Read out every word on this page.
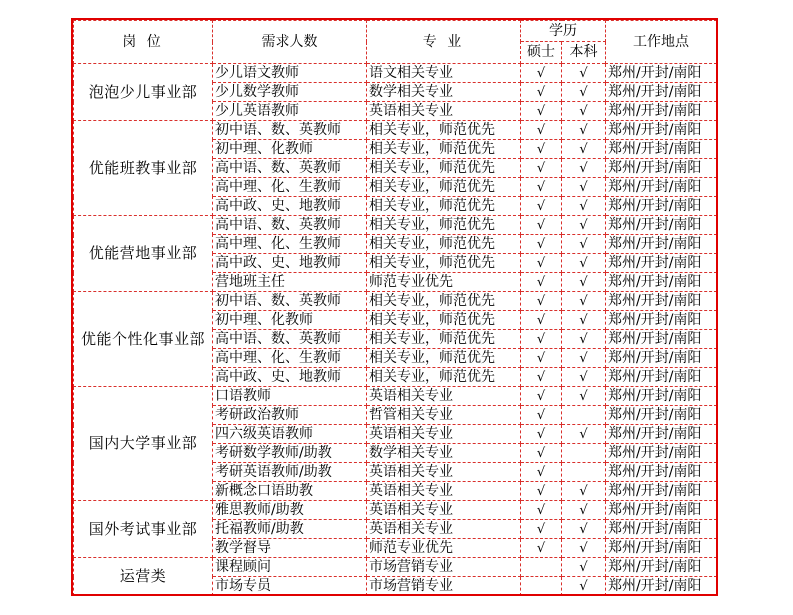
岗 位	需求人数	专 业	学历		工作地点
			硕士	本科	
泡泡少儿事业部	少儿语文教师	语文相关专业	√	√	郑州/开封/南阳
	少儿数学教师	数学相关专业	√	√	郑州/开封/南阳
	少儿英语教师	英语相关专业	√	√	郑州/开封/南阳
优能班教事业部	初中语、数、英教师	相关专业，师范优先	√	√	郑州/开封/南阳
	初中理、化教师	相关专业，师范优先	√	√	郑州/开封/南阳
	高中语、数、英教师	相关专业，师范优先	√	√	郑州/开封/南阳
	高中理、化、生教师	相关专业，师范优先	√	√	郑州/开封/南阳
	高中政、史、地教师	相关专业，师范优先	√	√	郑州/开封/南阳
优能营地事业部	高中语、数、英教师	相关专业，师范优先	√	√	郑州/开封/南阳
	高中理、化、生教师	相关专业，师范优先	√	√	郑州/开封/南阳
	高中政、史、地教师	相关专业，师范优先	√	√	郑州/开封/南阳
	营地班主任	师范专业优先	√	√	郑州/开封/南阳
优能个性化事业部	初中语、数、英教师	相关专业，师范优先	√	√	郑州/开封/南阳
	初中理、化教师	相关专业，师范优先	√	√	郑州/开封/南阳
	高中语、数、英教师	相关专业，师范优先	√	√	郑州/开封/南阳
	高中理、化、生教师	相关专业，师范优先	√	√	郑州/开封/南阳
	高中政、史、地教师	相关专业，师范优先	√	√	郑州/开封/南阳
国内大学事业部	口语教师	英语相关专业	√	√	郑州/开封/南阳
	考研政治教师	哲管相关专业	√		郑州/开封/南阳
	四六级英语教师	英语相关专业	√	√	郑州/开封/南阳
	考研数学教师/助教	数学相关专业	√		郑州/开封/南阳
	考研英语教师/助教	英语相关专业	√		郑州/开封/南阳
	新概念口语助教	英语相关专业	√	√	郑州/开封/南阳
国外考试事业部	雅思教师/助教	英语相关专业	√	√	郑州/开封/南阳
	托福教师/助教	英语相关专业	√	√	郑州/开封/南阳
	教学督导	师范专业优先	√	√	郑州/开封/南阳
运营类	课程顾问	市场营销专业		√	郑州/开封/南阳
	市场专员	市场营销专业		√	郑州/开封/南阳
